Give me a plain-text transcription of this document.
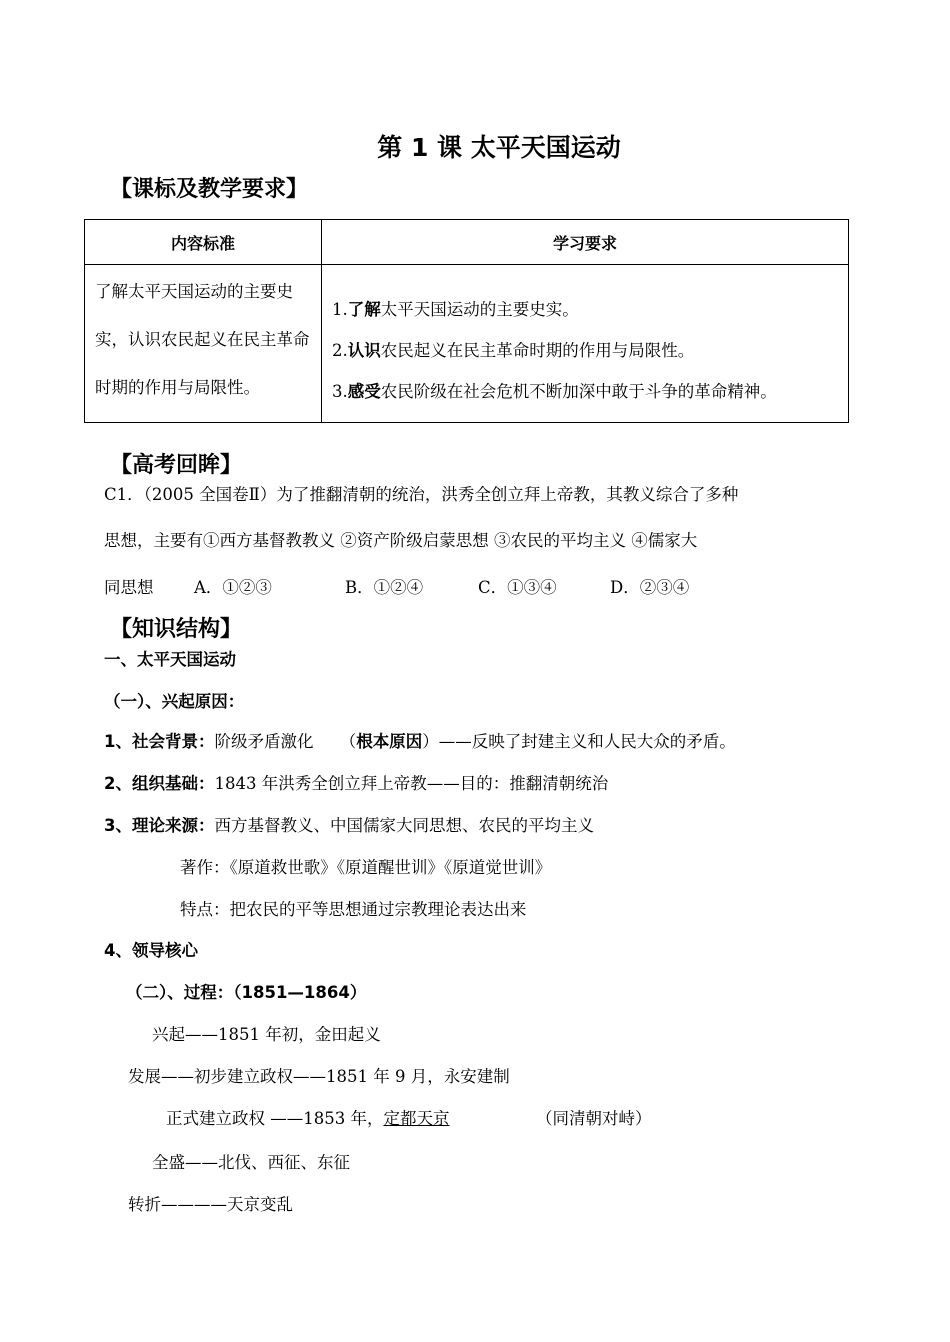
第 1 课 太平天国运动
【课标及教学要求】
内容标准	学习要求
了解太平天国运动的主要史实，认识农民起义在民主革命时期的作用与局限性。	1.了解太平天国运动的主要史实。
2.认识农民起义在民主革命时期的作用与局限性。
3.感受农民阶级在社会危机不断加深中敢于斗争的革命精神。
【高考回眸】
C1．（2005 全国卷Ⅱ）为了推翻清朝的统治，洪秀全创立拜上帝教，其教义综合了多种
思想，主要有①西方基督教教义 ②资产阶级启蒙思想 ③农民的平均主义 ④儒家大
同思想 A．①②③	B．①②④	C．①③④	D．②③④
【知识结构】
一、太平天国运动
（一）、兴起原因：
1、社会背景：阶级矛盾激化     （根本原因）——反映了封建主义和人民大众的矛盾。
2、组织基础：1843 年洪秀全创立拜上帝教——目的：推翻清朝统治
3、理论来源：西方基督教义、中国儒家大同思想、农民的平均主义
著作：《原道救世歌》《原道醒世训》《原道觉世训》
特点：把农民的平等思想通过宗教理论表达出来
4、领导核心
（二）、过程：（1851—1864）
兴起——1851 年初，金田起义
发展——初步建立政权——1851 年 9 月，永安建制
正式建立政权 ——1853 年，定都天京	（同清朝对峙）
全盛——北伐、西征、东征
转折————天京变乱
